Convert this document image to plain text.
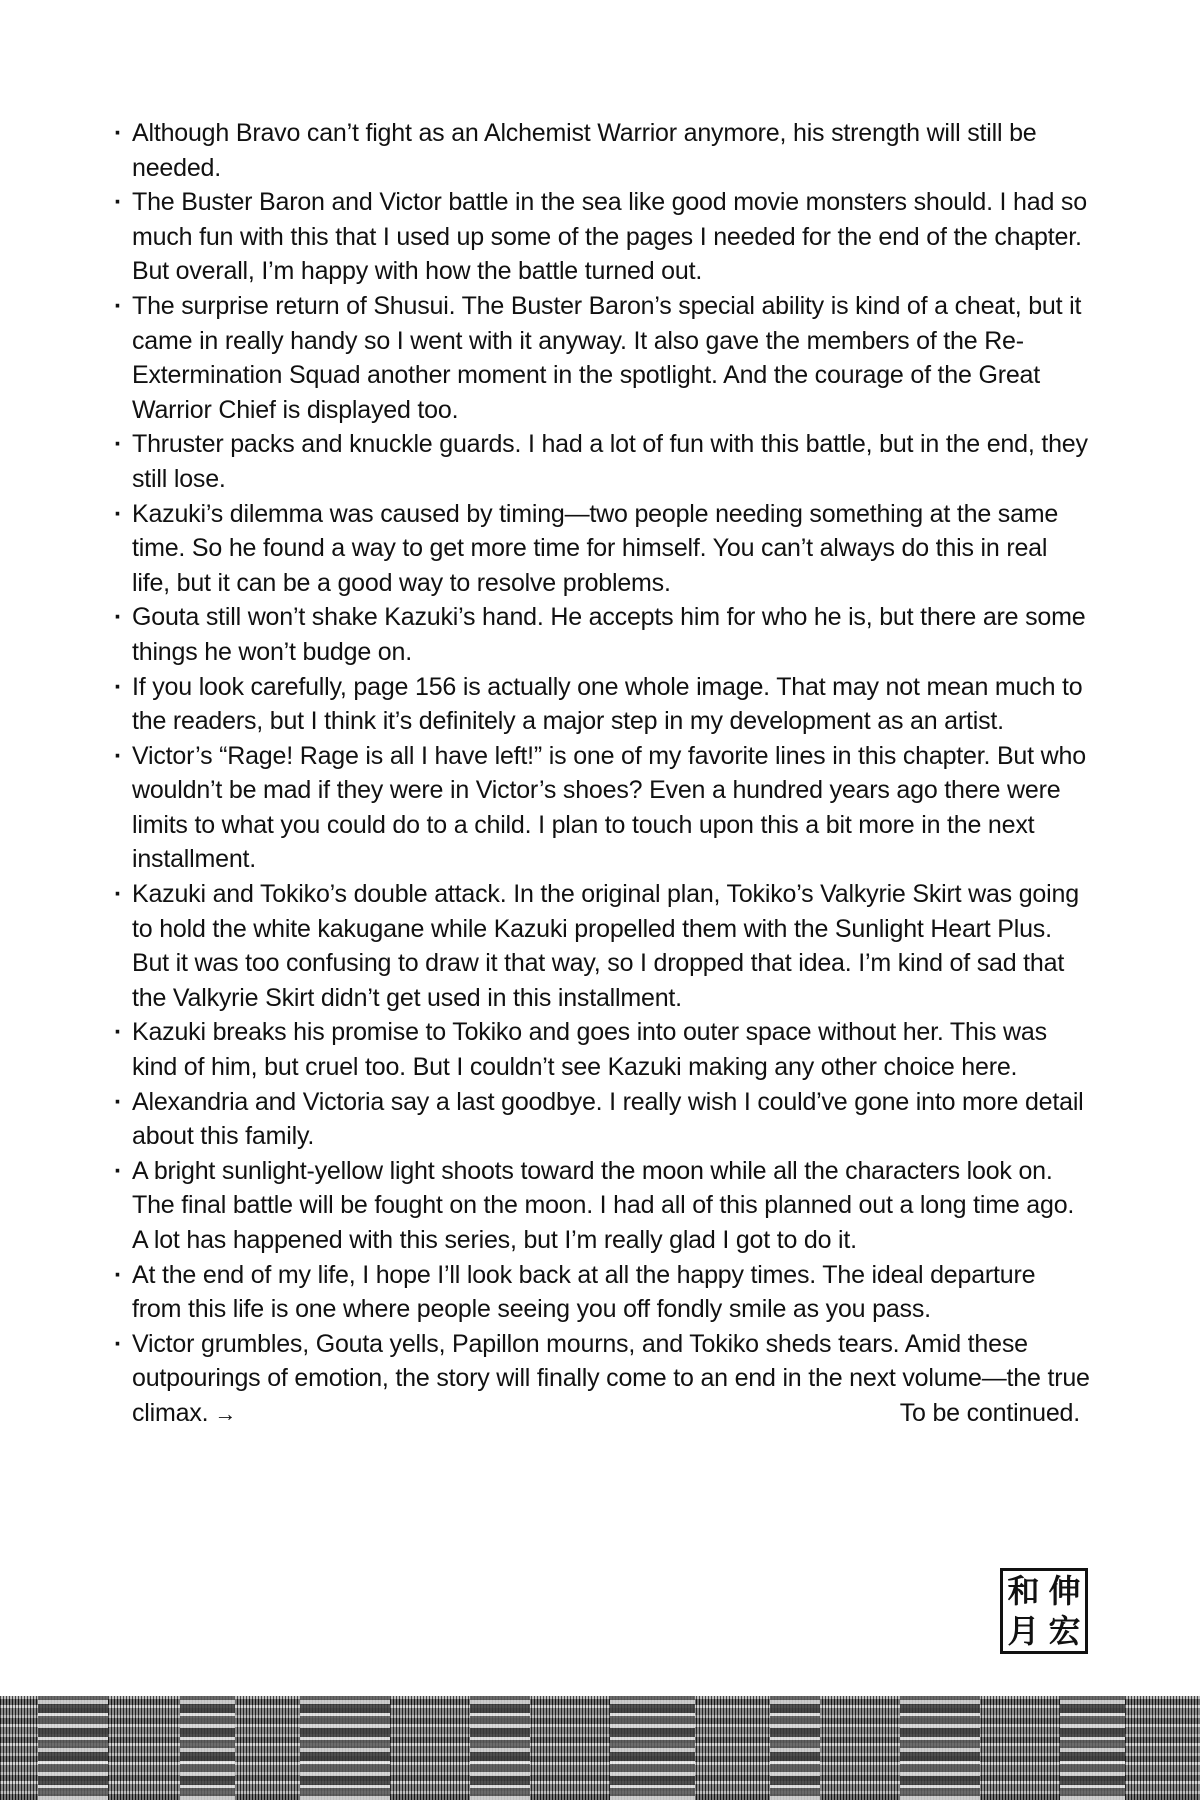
· Although Bravo can’t fight as an Alchemist Warrior anymore, his strength will still be needed.
· The Buster Baron and Victor battle in the sea like good movie monsters should. I had so much fun with this that I used up some of the pages I needed for the end of the chapter. But overall, I’m happy with how the battle turned out.
· The surprise return of Shusui. The Buster Baron’s special ability is kind of a cheat, but it came in really handy so I went with it anyway. It also gave the members of the Re-Extermination Squad another moment in the spotlight. And the courage of the Great Warrior Chief is displayed too.
· Thruster packs and knuckle guards. I had a lot of fun with this battle, but in the end, they still lose.
· Kazuki’s dilemma was caused by timing—two people needing something at the same time. So he found a way to get more time for himself. You can’t always do this in real life, but it can be a good way to resolve problems.
· Gouta still won’t shake Kazuki’s hand. He accepts him for who he is, but there are some things he won’t budge on.
· If you look carefully, page 156 is actually one whole image. That may not mean much to the readers, but I think it’s definitely a major step in my development as an artist.
· Victor’s “Rage! Rage is all I have left!” is one of my favorite lines in this chapter. But who wouldn’t be mad if they were in Victor’s shoes? Even a hundred years ago there were limits to what you could do to a child. I plan to touch upon this a bit more in the next installment.
· Kazuki and Tokiko’s double attack. In the original plan, Tokiko’s Valkyrie Skirt was going to hold the white kakugane while Kazuki propelled them with the Sunlight Heart Plus. But it was too confusing to draw it that way, so I dropped that idea. I’m kind of sad that the Valkyrie Skirt didn’t get used in this installment.
· Kazuki breaks his promise to Tokiko and goes into outer space without her. This was kind of him, but cruel too. But I couldn’t see Kazuki making any other choice here.
· Alexandria and Victoria say a last goodbye. I really wish I could’ve gone into more detail about this family.
· A bright sunlight-yellow light shoots toward the moon while all the characters look on. The final battle will be fought on the moon. I had all of this planned out a long time ago. A lot has happened with this series, but I’m really glad I got to do it.
· At the end of my life, I hope I’ll look back at all the happy times. The ideal departure from this life is one where people seeing you off fondly smile as you pass.
· Victor grumbles, Gouta yells, Papillon mourns, and Tokiko sheds tears. Amid these outpourings of emotion, the story will finally come to an end in the next volume—the true climax. →	To be continued.
和 伸
月 宏
